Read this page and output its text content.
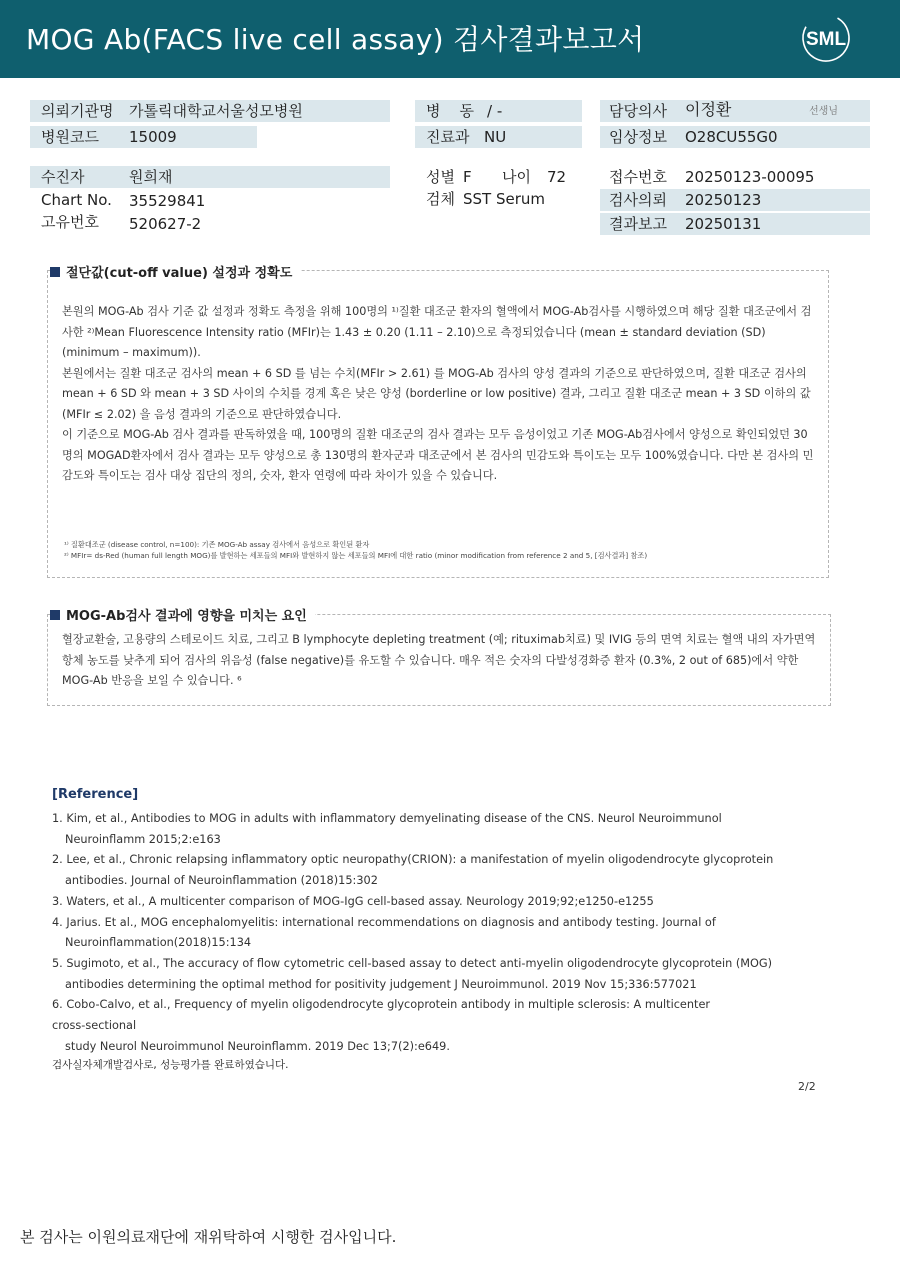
MOG Ab(FACS live cell assay) 검사결과보고서	SML
의뢰기관명 가톨릭대학교서울성모병원
병원코드 15009
병    동 / -
진료과 NU
담당의사 이정환	선생님
임상정보 O28CU55G0
수진자	원희재
Chart No. 35529841
고유번호 520627-2
성별 F 나이 72
검체 SST Serum
접수번호 20250123-00095
검사의뢰 20250123
결과보고 20250131
절단값(cut-off value) 설정과 정확도

본원의 MOG-Ab 검사 기준 값 설정과 정확도 측정을 위해 100명의 ¹⁾질환 대조군 환자의 혈액에서 MOG-Ab검사를 시행하였으며 해당 질환 대조군에서 검사한 ²⁾Mean Fluorescence Intensity ratio (MFIr)는 1.43 ± 0.20 (1.11 – 2.10)으로 측정되었습니다 (mean ± standard deviation (SD) (minimum – maximum)).

본원에서는 질환 대조군 검사의 mean + 6 SD 를 넘는 수치(MFIr > 2.61) 를 MOG-Ab 검사의 양성 결과의 기준으로 판단하였으며, 질환 대조군 검사의 mean + 6 SD 와 mean + 3 SD 사이의 수치를 경계 혹은 낮은 양성 (borderline or low positive) 결과, 그리고 질환 대조군 mean + 3 SD 이하의 값 (MFIr ≤ 2.02) 을 음성 결과의 기준으로 판단하였습니다.

이 기준으로 MOG-Ab 검사 결과를 판독하였을 때, 100명의 질환 대조군의 검사 결과는 모두 음성이었고 기존 MOG-Ab검사에서 양성으로 확인되었던 30명의 MOGAD환자에서 검사 결과는 모두 양성으로 총 130명의 환자군과 대조군에서 본 검사의 민감도와 특이도는 모두 100%였습니다. 다만 본 검사의 민감도와 특이도는 검사 대상 집단의 정의, 숫자, 환자 연령에 따라 차이가 있을 수 있습니다.

¹⁾ 질환대조군 (disease control, n=100): 기존 MOG-Ab assay 검사에서 음성으로 확인된 환자
²⁾ MFIr= ds-Red (human full length MOG)를 발현하는 세포들의 MFI와 발현하지 않는 세포들의 MFI에 대한 ratio (minor modification from reference 2 and 5, [검사결과] 참조)
MOG-Ab검사 결과에 영향을 미치는 요인
혈장교환술, 고용량의 스테로이드 치료, 그리고 B lymphocyte depleting treatment (예; rituximab치료) 및 IVIG 등의 면역 치료는 혈액 내의 자가면역 항체 농도를 낮추게 되어 검사의 위음성 (false negative)를 유도할 수 있습니다. 매우 적은 숫자의 다발성경화증 환자 (0.3%, 2 out of 685)에서 약한 MOG-Ab 반응을 보일 수 있습니다. ⁶
[Reference]
1. Kim, et al., Antibodies to MOG in adults with inflammatory demyelinating disease of the CNS. Neurol Neuroimmunol
Neuroinflamm 2015;2:e163
2. Lee, et al., Chronic relapsing inflammatory optic neuropathy(CRION): a manifestation of myelin oligodendrocyte glycoprotein
antibodies. Journal of Neuroinflammation (2018)15:302
3. Waters, et al., A multicenter comparison of MOG-IgG cell-based assay. Neurology 2019;92;e1250-e1255
4. Jarius. Et al., MOG encephalomyelitis: international recommendations on diagnosis and antibody testing. Journal of
Neuroinflammation(2018)15:134
5. Sugimoto, et al., The accuracy of flow cytometric cell-based assay to detect anti-myelin oligodendrocyte glycoprotein (MOG)
antibodies determining the optimal method for positivity judgement J Neuroimmunol. 2019 Nov 15;336:577021
6. Cobo-Calvo, et al., Frequency of myelin oligodendrocyte glycoprotein antibody in multiple sclerosis: A multicenter
cross-sectional
study Neurol Neuroimmunol Neuroinflamm. 2019 Dec 13;7(2):e649.
검사실자체개발검사로, 성능평가를 완료하였습니다.
2/2
본 검사는 이원의료재단에 재위탁하여 시행한 검사입니다.
